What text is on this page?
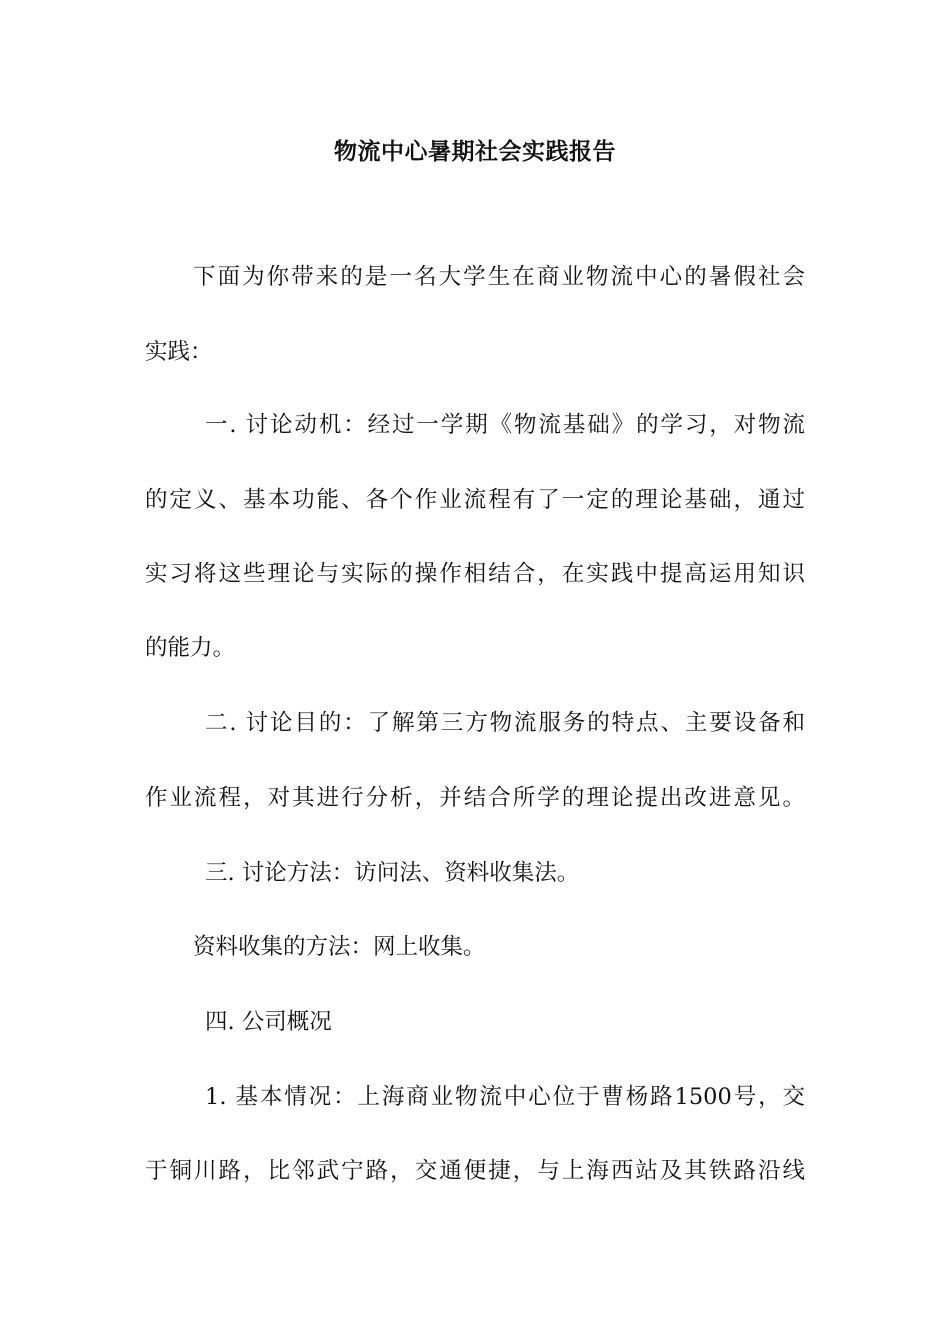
物流中心暑期社会实践报告
下面为你带来的是一名大学生在商业物流中心的暑假社会
实践：
一. 讨论动机：经过一学期《物流基础》的学习，对物流
的定义、基本功能、各个作业流程有了一定的理论基础，通过
实习将这些理论与实际的操作相结合，在实践中提高运用知识
的能力。
二. 讨论目的：了解第三方物流服务的特点、主要设备和
作业流程，对其进行分析，并结合所学的理论提出改进意见。
三. 讨论方法：访问法、资料收集法。
资料收集的方法：网上收集。
四. 公司概况
1. 基本情况：上海商业物流中心位于曹杨路1500号，交
于铜川路，比邻武宁路，交通便捷，与上海西站及其铁路沿线
